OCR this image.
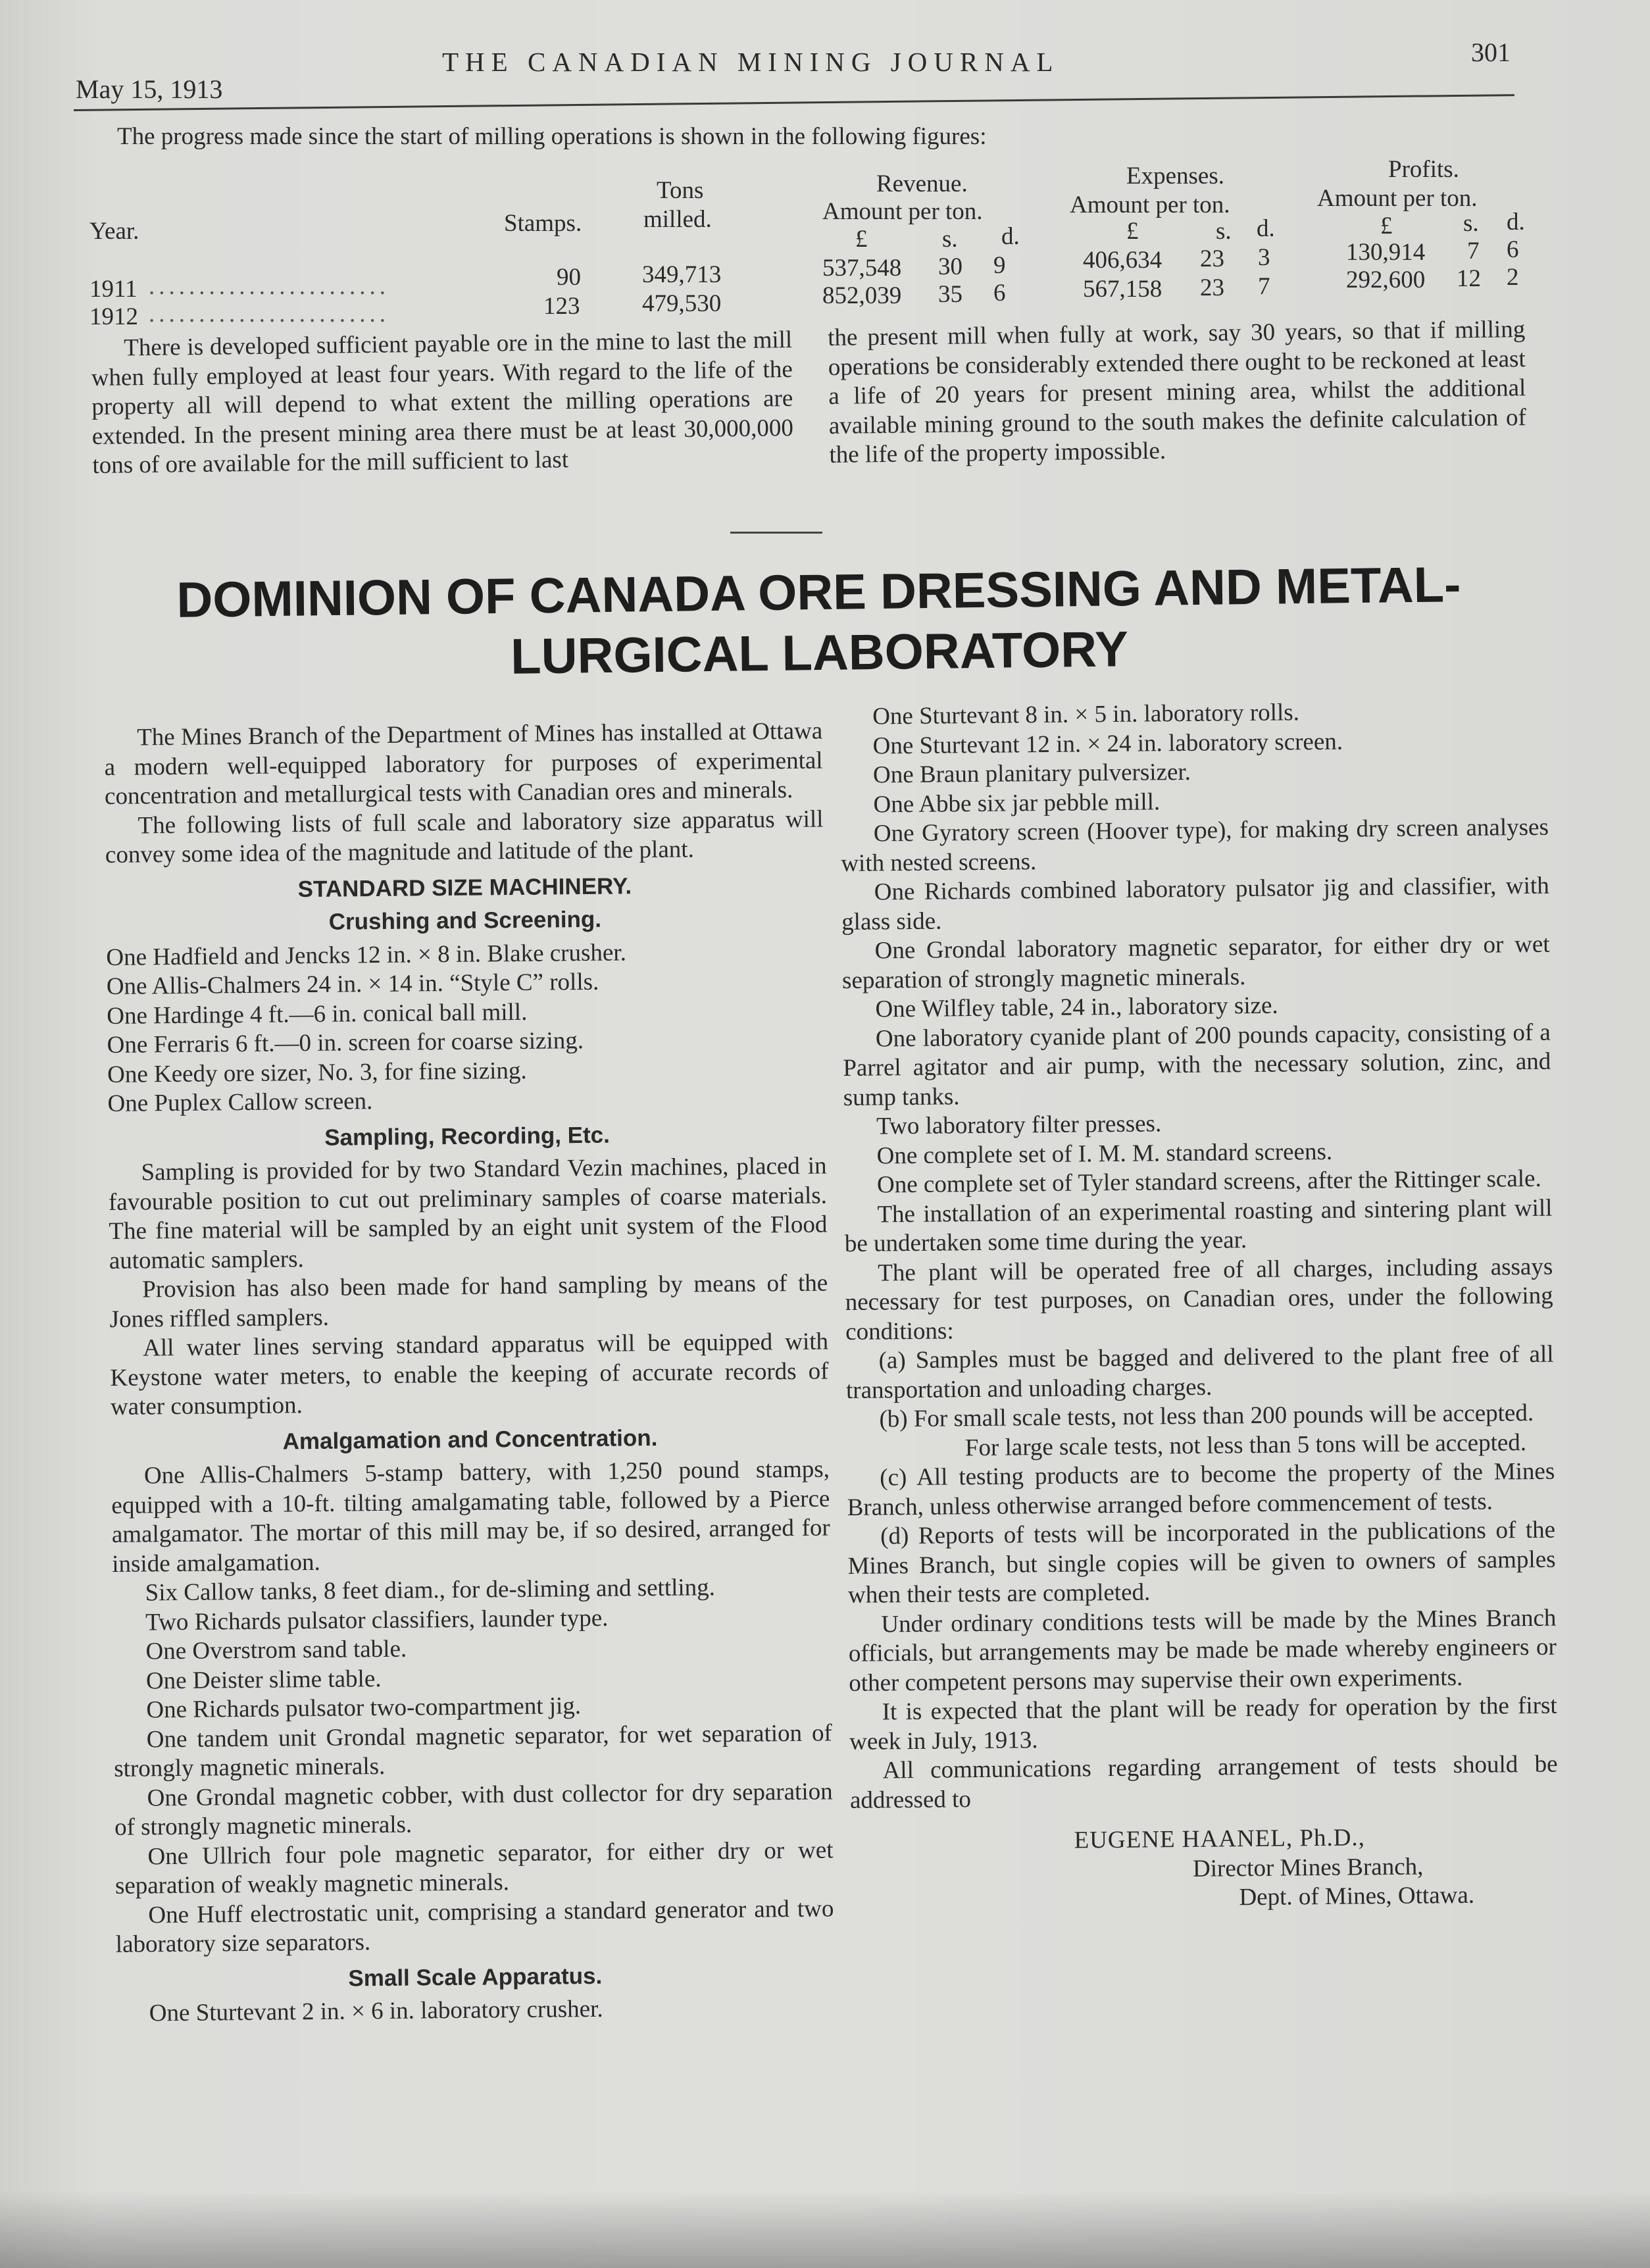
May 15, 1913
THE CANADIAN MINING JOURNAL	301
The progress made since the start of milling operations is shown in the following figures:
Year.	Stamps.
Tons
milled.
Revenue.
Amount per ton.
£	s. d.
Expenses.
Amount per ton.
£	s. d.
Profits.
Amount per ton.
£	s. d.
1911 ........................	90	349,713	537,548 30 9	406,634 23 3	130,914 7 6
1912 ........................	123	479,530	852,039 35 6	567,158 23 7	292,600 12 2

There is developed sufficient payable ore in the mine to last the mill when fully employed at least four years. With regard to the life of the property all will depend to what extent the milling operations are extended. In the present mining area there must be at least 30,000,000 tons of ore available for the mill sufficient to last

the present mill when fully at work, say 30 years, so that if milling operations be considerably extended there ought to be reckoned at least a life of 20 years for present mining area, whilst the additional available mining ground to the south makes the definite calculation of the life of the property impossible.

DOMINION OF CANADA ORE DRESSING AND METAL-
LURGICAL LABORATORY

The Mines Branch of the Department of Mines has installed at Ottawa a modern well-equipped laboratory for purposes of experimental concentration and metallurgical tests with Canadian ores and minerals.

The following lists of full scale and laboratory size apparatus will convey some idea of the magnitude and latitude of the plant.

STANDARD SIZE MACHINERY.
Crushing and Screening.

One Hadfield and Jencks 12 in. × 8 in. Blake crusher.

One Allis-Chalmers 24 in. × 14 in. “Style C” rolls.

One Hardinge 4 ft.—6 in. conical ball mill.

One Ferraris 6 ft.—0 in. screen for coarse sizing.

One Keedy ore sizer, No. 3, for fine sizing.

One Puplex Callow screen.

Sampling, Recording, Etc.

Sampling is provided for by two Standard Vezin machines, placed in favourable position to cut out preliminary samples of coarse materials. The fine material will be sampled by an eight unit system of the Flood automatic samplers.

Provision has also been made for hand sampling by means of the Jones riffled samplers.

All water lines serving standard apparatus will be equipped with Keystone water meters, to enable the keeping of accurate records of water consumption.

Amalgamation and Concentration.

One Allis-Chalmers 5-stamp battery, with 1,250 pound stamps, equipped with a 10-ft. tilting amalgamating table, followed by a Pierce amalgamator. The mortar of this mill may be, if so desired, arranged for inside amalgamation.

Six Callow tanks, 8 feet diam., for de-sliming and settling.

Two Richards pulsator classifiers, launder type.

One Overstrom sand table.

One Deister slime table.

One Richards pulsator two-compartment jig.

One tandem unit Grondal magnetic separator, for wet separation of strongly magnetic minerals.

One Grondal magnetic cobber, with dust collector for dry separation of strongly magnetic minerals.

One Ullrich four pole magnetic separator, for either dry or wet separation of weakly magnetic minerals.

One Huff electrostatic unit, comprising a standard generator and two laboratory size separators.

Small Scale Apparatus.

One Sturtevant 2 in. × 6 in. laboratory crusher.

One Sturtevant 8 in. × 5 in. laboratory rolls.

One Sturtevant 12 in. × 24 in. laboratory screen.

One Braun planitary pulversizer.

One Abbe six jar pebble mill.

One Gyratory screen (Hoover type), for making dry screen analyses with nested screens.

One Richards combined laboratory pulsator jig and classifier, with glass side.

One Grondal laboratory magnetic separator, for either dry or wet separation of strongly magnetic minerals.

One Wilfley table, 24 in., laboratory size.

One laboratory cyanide plant of 200 pounds capacity, consisting of a Parrel agitator and air pump, with the necessary solution, zinc, and sump tanks.

Two laboratory filter presses.

One complete set of I. M. M. standard screens.

One complete set of Tyler standard screens, after the Rittinger scale.

The installation of an experimental roasting and sintering plant will be undertaken some time during the year.

The plant will be operated free of all charges, including assays necessary for test purposes, on Canadian ores, under the following conditions:

(a) Samples must be bagged and delivered to the plant free of all transportation and unloading charges.

(b) For small scale tests, not less than 200 pounds will be accepted.

For large scale tests, not less than 5 tons will be accepted.

(c) All testing products are to become the property of the Mines Branch, unless otherwise arranged before commencement of tests.

(d) Reports of tests will be incorporated in the publications of the Mines Branch, but single copies will be given to owners of samples when their tests are completed.

Under ordinary conditions tests will be made by the Mines Branch officials, but arrangements may be made be made whereby engineers or other competent persons may supervise their own experiments.

It is expected that the plant will be ready for operation by the first week in July, 1913.

All communications regarding arrangement of tests should be addressed to

EUGENE HAANEL, Ph.D.,

Director Mines Branch,

Dept. of Mines, Ottawa.
